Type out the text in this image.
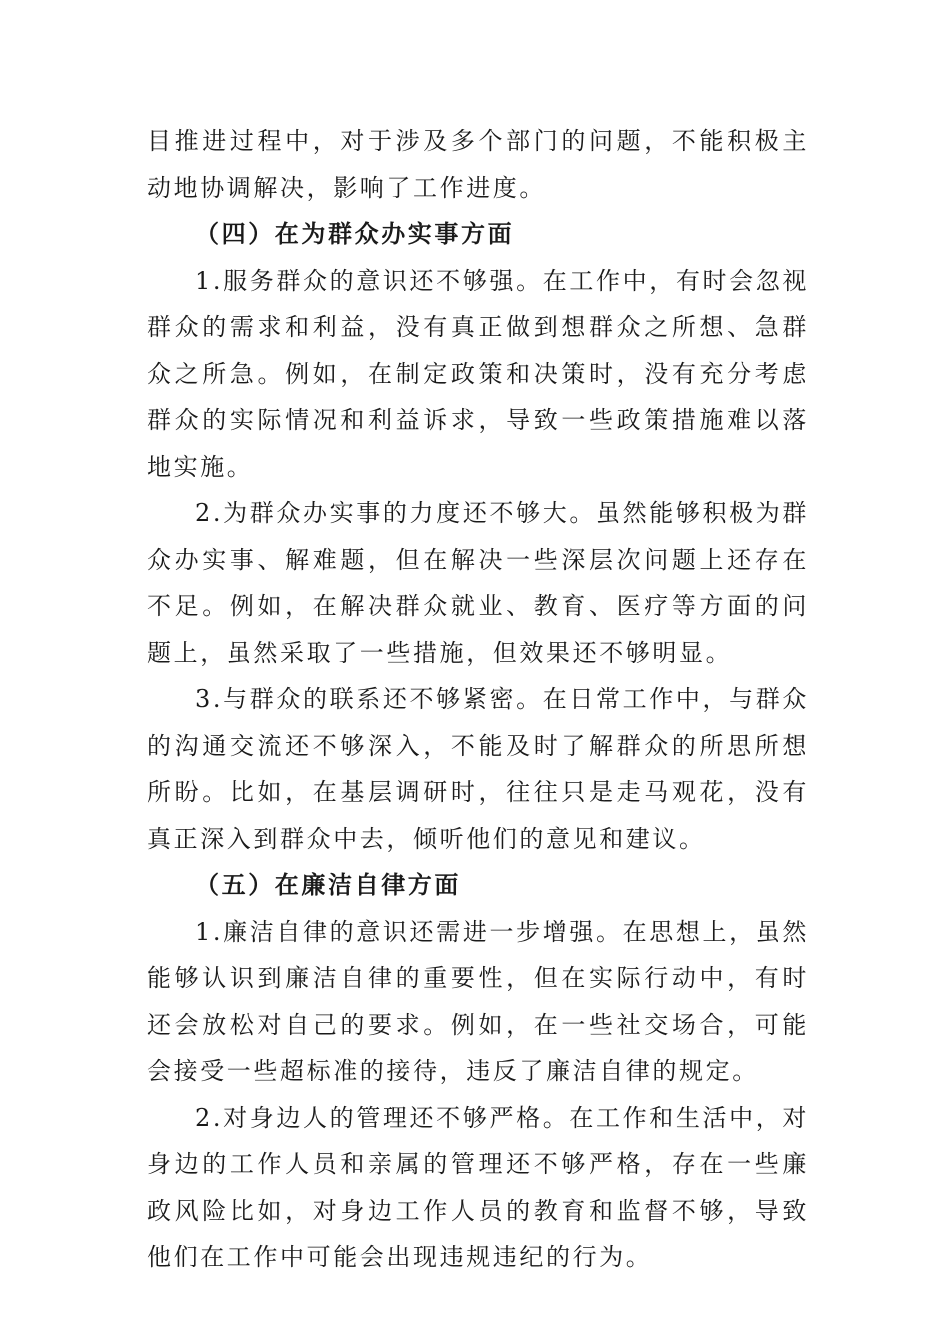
目推进过程中，对于涉及多个部门的问题，不能积极主动地协调解决，影响了工作进度。

（四）在为群众办实事方面

1.服务群众的意识还不够强。在工作中，有时会忽视群众的需求和利益，没有真正做到想群众之所想、急群众之所急。例如，在制定政策和决策时，没有充分考虑群众的实际情况和利益诉求，导致一些政策措施难以落地实施。

2.为群众办实事的力度还不够大。虽然能够积极为群众办实事、解难题，但在解决一些深层次问题上还存在不足。例如，在解决群众就业、教育、医疗等方面的问题上，虽然采取了一些措施，但效果还不够明显。

3.与群众的联系还不够紧密。在日常工作中，与群众的沟通交流还不够深入，不能及时了解群众的所思所想所盼。比如，在基层调研时，往往只是走马观花，没有真正深入到群众中去，倾听他们的意见和建议。

（五）在廉洁自律方面

1.廉洁自律的意识还需进一步增强。在思想上，虽然能够认识到廉洁自律的重要性，但在实际行动中，有时还会放松对自己的要求。例如，在一些社交场合，可能会接受一些超标准的接待，违反了廉洁自律的规定。

2.对身边人的管理还不够严格。在工作和生活中，对身边的工作人员和亲属的管理还不够严格，存在一些廉政风险比如，对身边工作人员的教育和监督不够，导致他们在工作中可能会出现违规违纪的行为。
